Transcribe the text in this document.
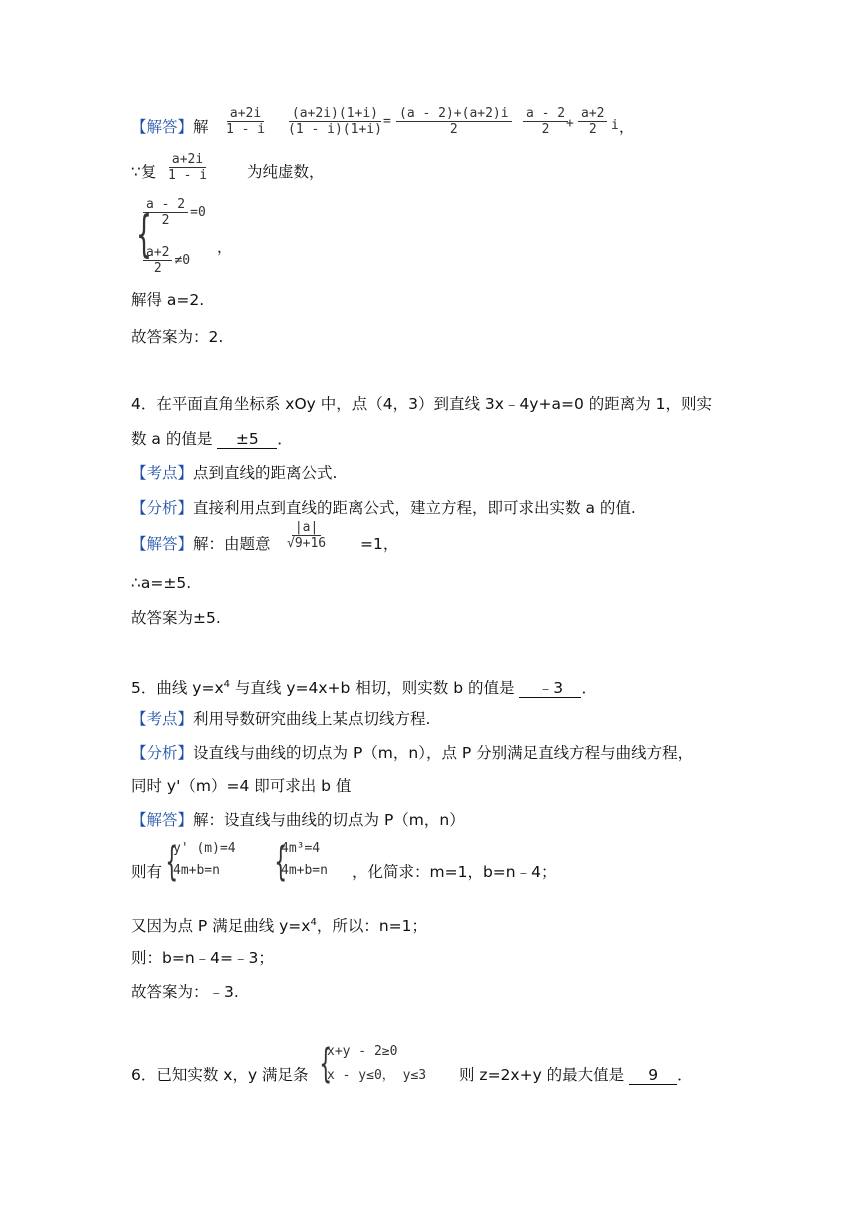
【解答】解 $\frac{a+2i}{1 - i} \frac{(a+2i)(1+i)}{(1 - i)(1+i)}$
= $\frac{(a - 2)+(a+2)i}{2} \frac{a - 2}{2}$
+ $\frac{a+2}{2}$ i ，
∵复 $\frac{a+2i}{1 - i}$ 为纯虚数，
{
$\frac{a - 2}{2} =0$
$\frac{a+2}{2} \ne 0$
，
解得 a=2.
故答案为：2.
4．在平面直角坐标系 xOy 中，点（4，3）到直线 3x﹣4y+a=0 的距离为 1，则实
数 a 的值是 ±5 ．
【考点】点到直线的距离公式.
【分析】直接利用点到直线的距离公式，建立方程，即可求出实数 a 的值.
【解答】解：由题意 $\frac{|a|}{√9+16} =1$，
∴a=±5.
故答案为±5.
5．曲线 $y=x^4$ 与直线 y=4x+b 相切，则实数 b 的值是 ﹣3 ．
【考点】利用导数研究曲线上某点切线方程.
【分析】设直线与曲线的切点为 P（m，n），点 P 分别满足直线方程与曲线方程，
同时 y'（m）=4 即可求出 b 值
【解答】解：设直线与曲线的切点为 P（m，n）
则有 {
y' (m)=4
4m+b=n	{
4m³=4
4m+b=n ，化简求：m=1，b=n﹣4；
又因为点 P 满足曲线 $y=x^4$，所以：n=1；
则：b=n﹣4=﹣3；
故答案为：﹣3.
6．已知实数 x，y 满足条 {
x+y - 2≥0
x - y≤0， y≤3 则 z=2x+y 的最大值是 9 ．
